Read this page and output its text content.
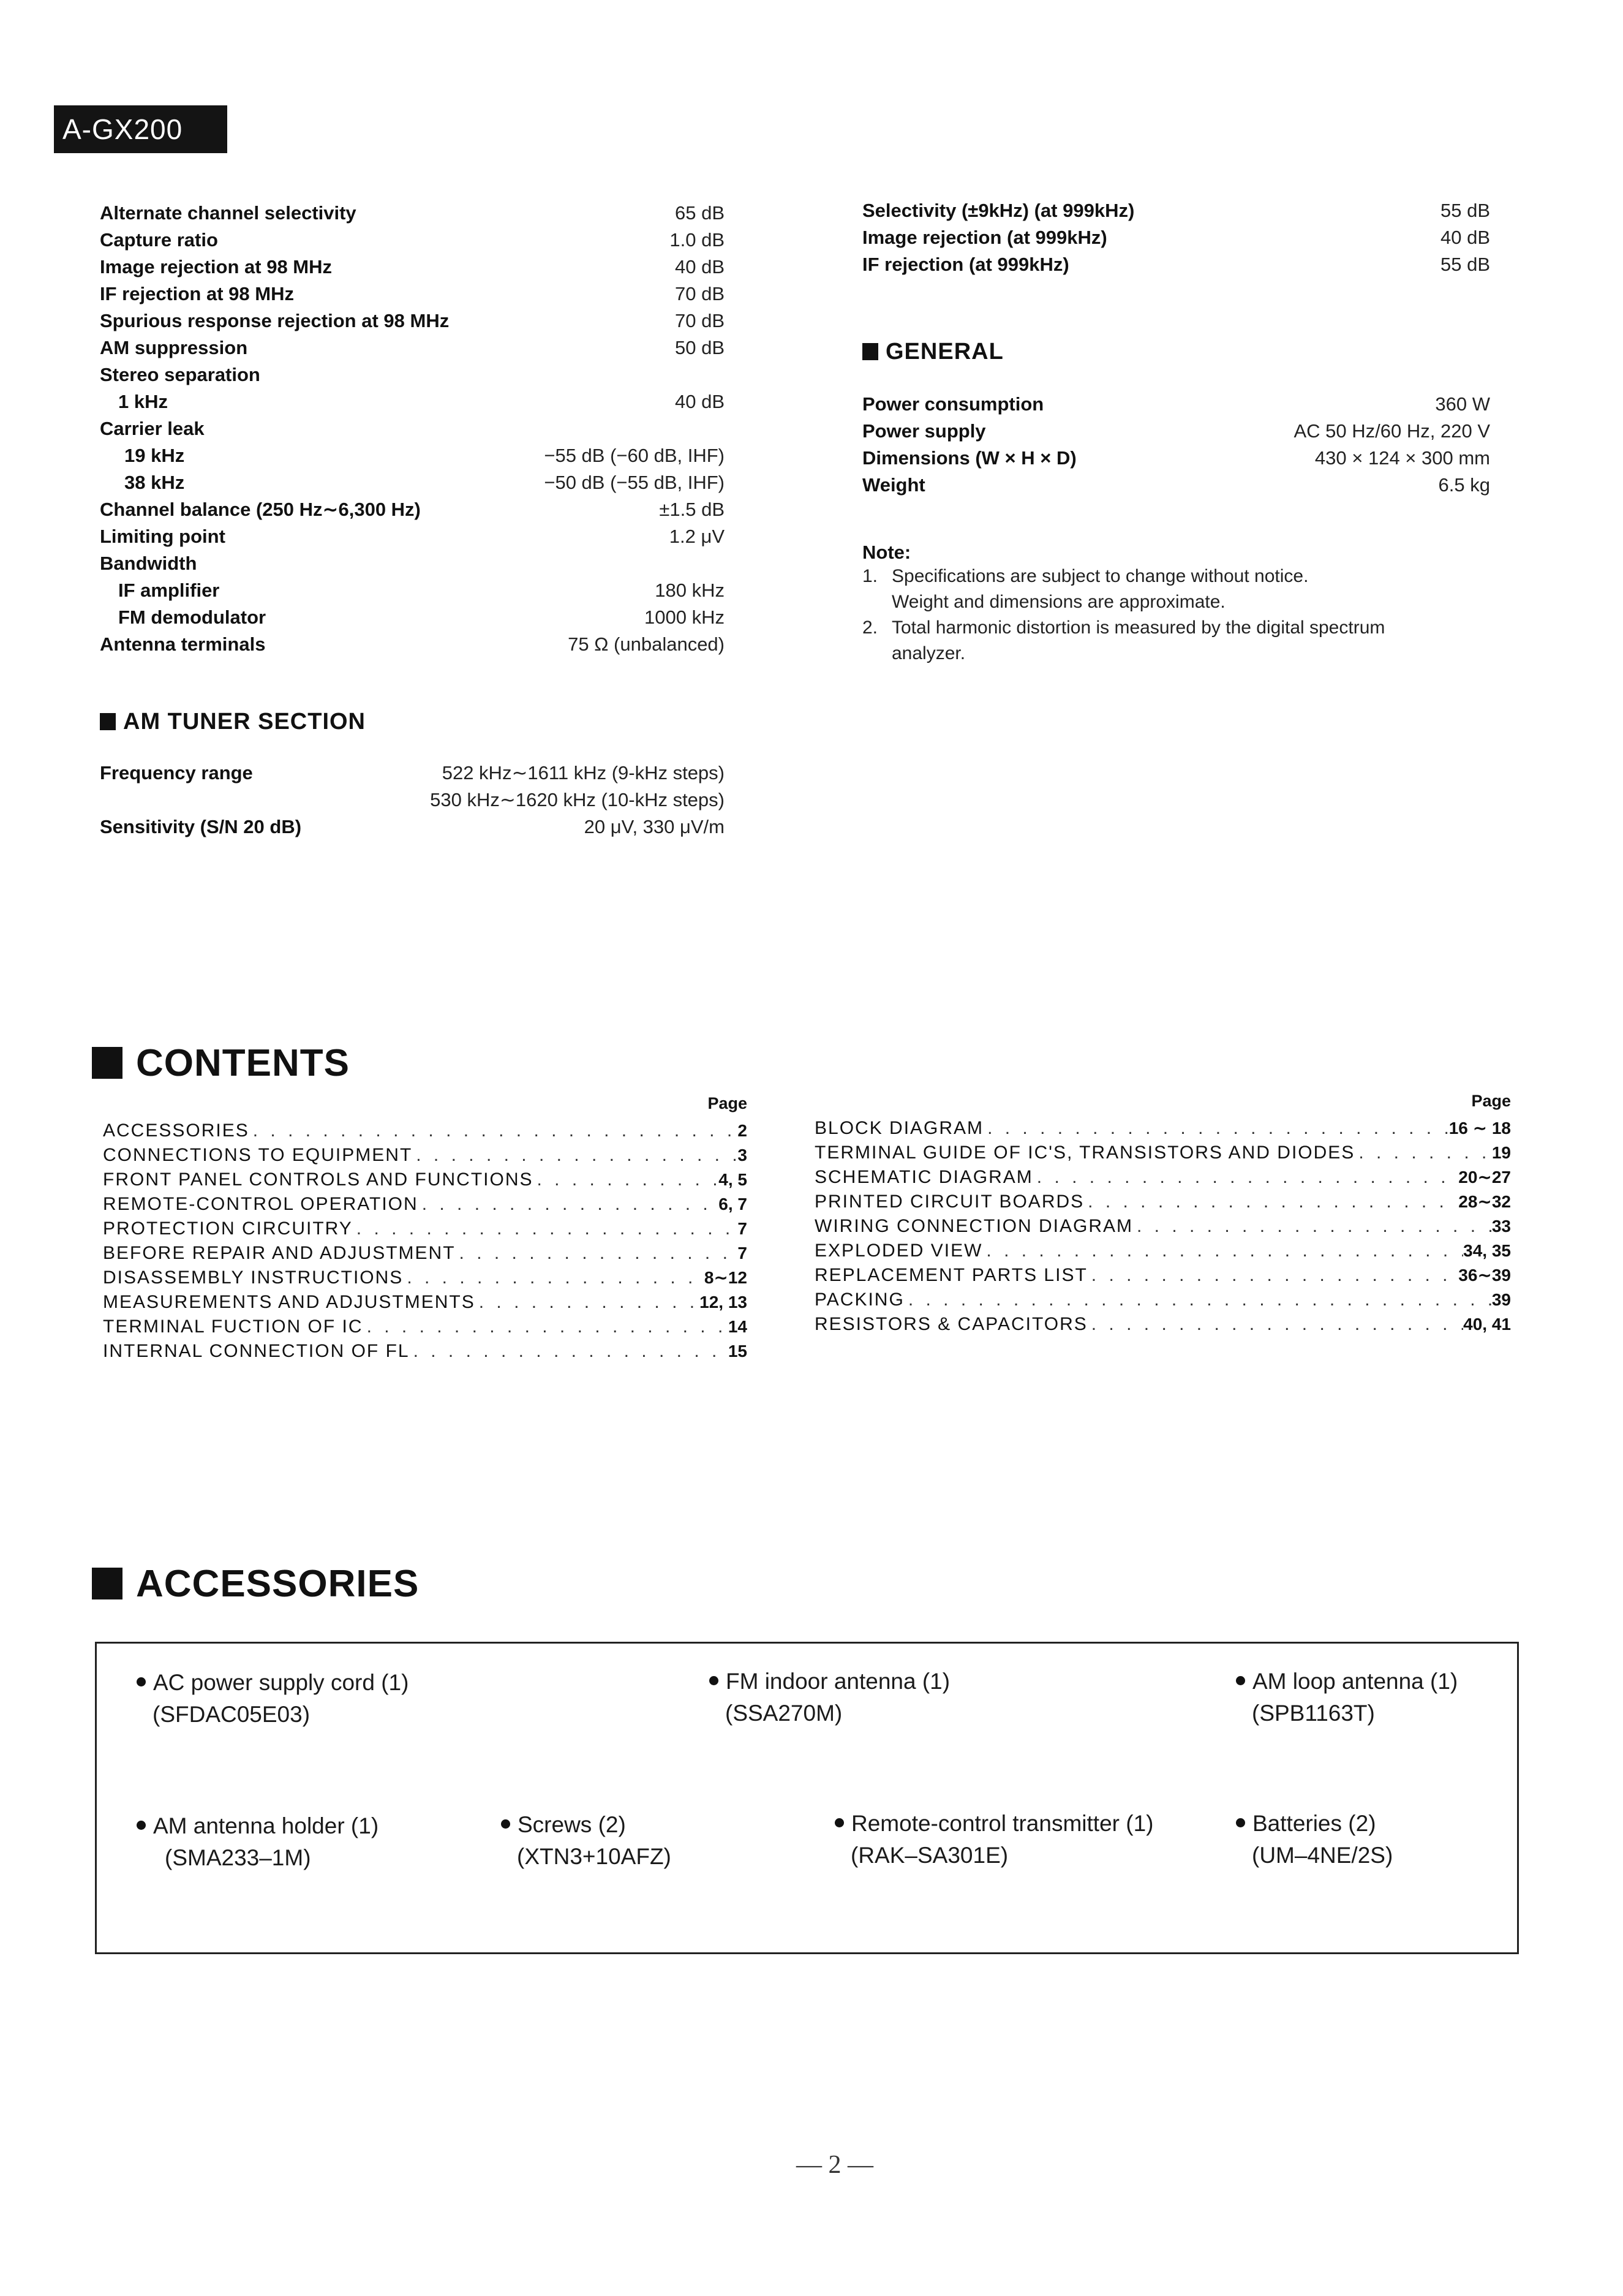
A-GX200
Alternate channel selectivity	65 dB
Capture ratio	1.0 dB
Image rejection at 98 MHz	40 dB
IF rejection at 98 MHz	70 dB
Spurious response rejection at 98 MHz	70 dB
AM suppression	50 dB
Stereo separation
1 kHz	40 dB
Carrier leak
19 kHz	−55 dB (−60 dB, IHF)
38 kHz	−50 dB (−55 dB, IHF)
Channel balance (250 Hz∼6,300 Hz)	±1.5 dB
Limiting point	1.2 μV
Bandwidth
IF amplifier	180 kHz
FM demodulator	1000 kHz
Antenna terminals	75 Ω (unbalanced)
AM TUNER SECTION
Frequency range	522 kHz∼1611 kHz (9-kHz steps)
530 kHz∼1620 kHz (10-kHz steps)
Sensitivity (S/N 20 dB)	20 μV, 330 μV/m
Selectivity (±9kHz) (at 999kHz)	55 dB
Image rejection (at 999kHz)	40 dB
IF rejection (at 999kHz)	55 dB
GENERAL
Power consumption	360 W
Power supply	AC 50 Hz/60 Hz, 220 V
Dimensions (W × H × D)	430 × 124 × 300 mm
Weight	6.5 kg
Note:
1. Specifications are subject to change without notice.
Weight and dimensions are approximate.
2. Total harmonic distortion is measured by the digital spectrum
analyzer.
CONTENTS
Page
ACCESSORIES . . .	2
CONNECTIONS TO EQUIPMENT . . .	3
FRONT PANEL CONTROLS AND FUNCTIONS . . .	4, 5
REMOTE-CONTROL OPERATION . . .	6, 7
PROTECTION CIRCUITRY . . .	7
BEFORE REPAIR AND ADJUSTMENT . . .	7
DISASSEMBLY INSTRUCTIONS . . .	8∼12
MEASUREMENTS AND ADJUSTMENTS . . .	12, 13
TERMINAL FUCTION OF IC . . .	14
INTERNAL CONNECTION OF FL . . .	15
Page
BLOCK DIAGRAM . . .	16 ∼ 18
TERMINAL GUIDE OF IC'S, TRANSISTORS AND DIODES . . .	19
SCHEMATIC DIAGRAM . . .	20∼27
PRINTED CIRCUIT BOARDS . . .	28∼32
WIRING CONNECTION DIAGRAM . . .	33
EXPLODED VIEW . . .	34, 35
REPLACEMENT PARTS LIST . . .	36∼39
PACKING . . .	39
RESISTORS & CAPACITORS . . .	40, 41
ACCESSORIES
AC power supply cord (1)
(SFDAC05E03)
FM indoor antenna (1)
(SSA270M)
AM loop antenna (1)
(SPB1163T)
AM antenna holder (1)
(SMA233–1M)
Screws (2)
(XTN3+10AFZ)
Remote-control transmitter (1)
(RAK–SA301E)
Batteries (2)
(UM–4NE/2S)
— 2 —
